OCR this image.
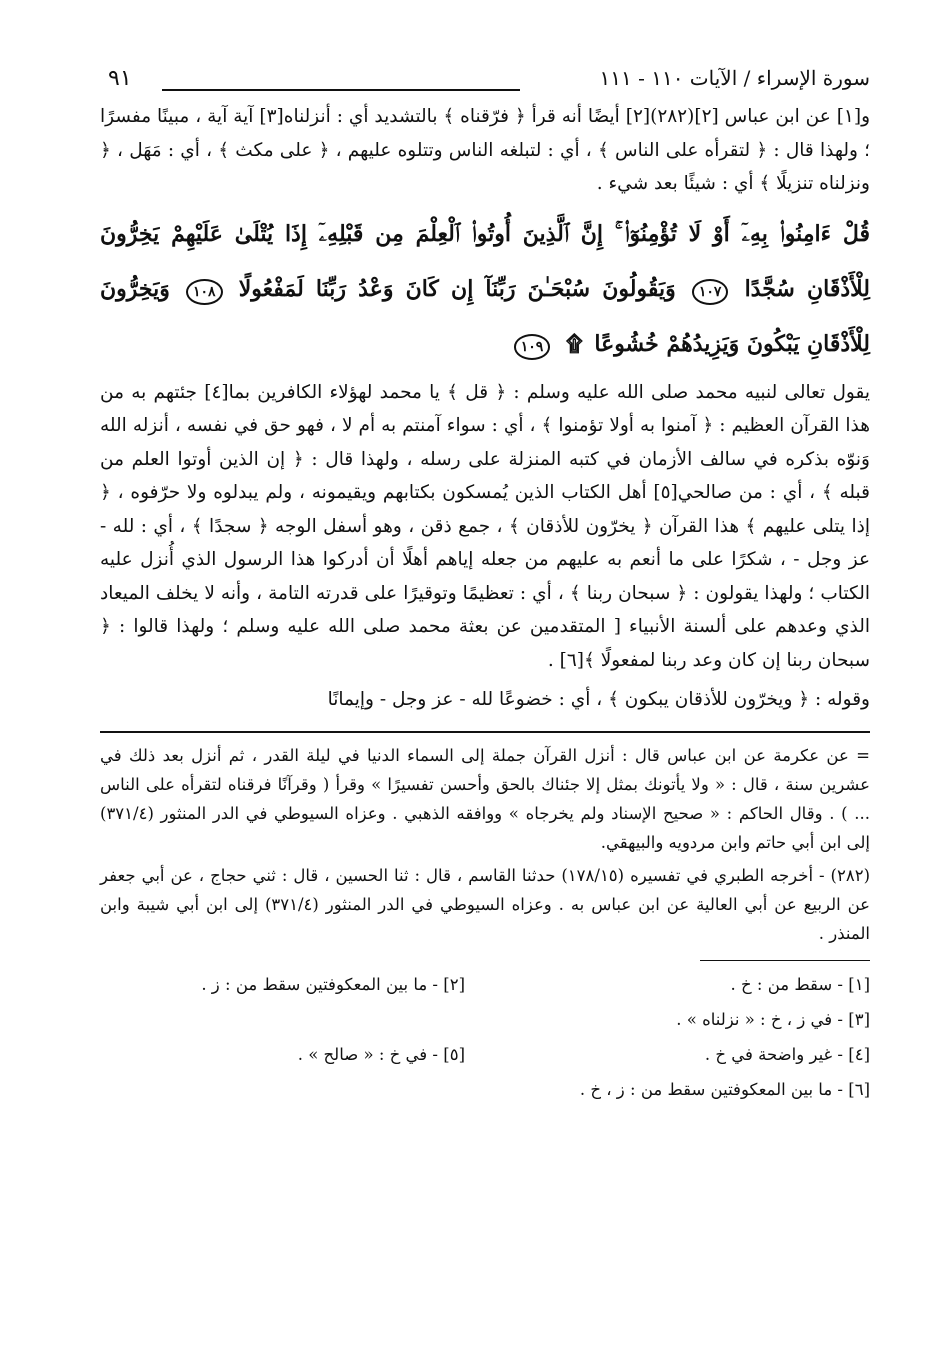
سورة الإسراء / الآيات ١١٠ - ١١١
٩١

و[١] عن ابن عباس [٢](٢٨٢)[٢] أيضًا أنه قرأ ﴿ فرّقناه ﴾ بالتشديد أي : أنزلناه[٣] آية آية ، مبينًا مفسرًا ؛ ولهذا قال : ﴿ لتقرأه على الناس ﴾ ، أي : لتبلغه الناس وتتلوه عليهم ، ﴿ على مكث ﴾ ، أي : مَهَل ، ﴿ ونزلناه تنزيلًا ﴾ أي : شيئًا بعد شيء .

قُلْ ءَامِنُوا۟ بِهِۦٓ أَوْ لَا تُؤْمِنُوٓا۟ ۚ إِنَّ ٱلَّذِينَ أُوتُوا۟ ٱلْعِلْمَ مِن قَبْلِهِۦٓ إِذَا يُتْلَىٰ عَلَيْهِمْ يَخِرُّونَ لِلْأَذْقَانِ سُجَّدًا ١٠٧ وَيَقُولُونَ سُبْحَـٰنَ رَبِّنَآ إِن كَانَ وَعْدُ رَبِّنَا لَمَفْعُولًا ١٠٨ وَيَخِرُّونَ لِلْأَذْقَانِ يَبْكُونَ وَيَزِيدُهُمْ خُشُوعًا ۩ ١٠٩

يقول تعالى لنبيه محمد صلى الله عليه وسلم : ﴿ قل ﴾ يا محمد لهؤلاء الكافرين بما[٤] جئتهم به من هذا القرآن العظيم : ﴿ آمنوا به أولا تؤمنوا ﴾ ، أي : سواء آمنتم به أم لا ، فهو حق في نفسه ، أنزله الله وَنوّه بذكره في سالف الأزمان في كتبه المنزلة على رسله ، ولهذا قال : ﴿ إن الذين أوتوا العلم من قبله ﴾ ، أي : من صالحي[٥] أهل الكتاب الذين يُمسكون بكتابهم ويقيمونه ، ولم يبدلوه ولا حرّفوه ، ﴿ إذا يتلى عليهم ﴾ هذا القرآن ﴿ يخرّون للأذقان ﴾ ، جمع ذقن ، وهو أسفل الوجه ﴿ سجدًا ﴾ ، أي : لله - عز وجل - ، شكرًا على ما أنعم به عليهم من جعله إياهم أهلًا أن أدركوا هذا الرسول الذي أُنزل عليه الكتاب ؛ ولهذا يقولون : ﴿ سبحان ربنا ﴾ ، أي : تعظيمًا وتوقيرًا على قدرته التامة ، وأنه لا يخلف الميعاد الذي وعدهم على ألسنة الأنبياء [ المتقدمين عن بعثة محمد صلى الله عليه وسلم ؛ ولهذا قالوا : ﴿ سبحان ربنا إن كان وعد ربنا لمفعولًا ﴾[٦] .

وقوله : ﴿ ويخرّون للأذقان يبكون ﴾ ، أي : خضوعًا لله - عز وجل - وإيمانًا

= عن عكرمة عن ابن عباس قال : أنزل القرآن جملة إلى السماء الدنيا في ليلة القدر ، ثم أنزل بعد ذلك في عشرين سنة ، قال : « ولا يأتونك بمثل إلا جئناك بالحق وأحسن تفسيرًا » وقرأ ( وقرآنًا فرقناه لتقرأه على الناس ... ) . وقال الحاكم : « صحيح الإسناد ولم يخرجاه » ووافقه الذهبي . وعزاه السيوطي في الدر المنثور (٣٧١/٤) إلى ابن أبي حاتم وابن مردويه والبيهقي.

(٢٨٢) - أخرجه الطبري في تفسيره (١٧٨/١٥) حدثنا القاسم ، قال : ثنا الحسين ، قال : ثني حجاج ، عن أبي جعفر عن الربيع عن أبي العالية عن ابن عباس به . وعزاه السيوطي في الدر المنثور (٣٧١/٤) إلى ابن أبي شيبة وابن المنذر .

[١] - سقط من : خ .
[٢] - ما بين المعكوفتين سقط من : ز .
[٣] - في ز ، خ : « نزلناه » .
[٤] - غير واضحة في خ .
[٥] - في خ : « صالح » .
[٦] - ما بين المعكوفتين سقط من : ز ، خ .
